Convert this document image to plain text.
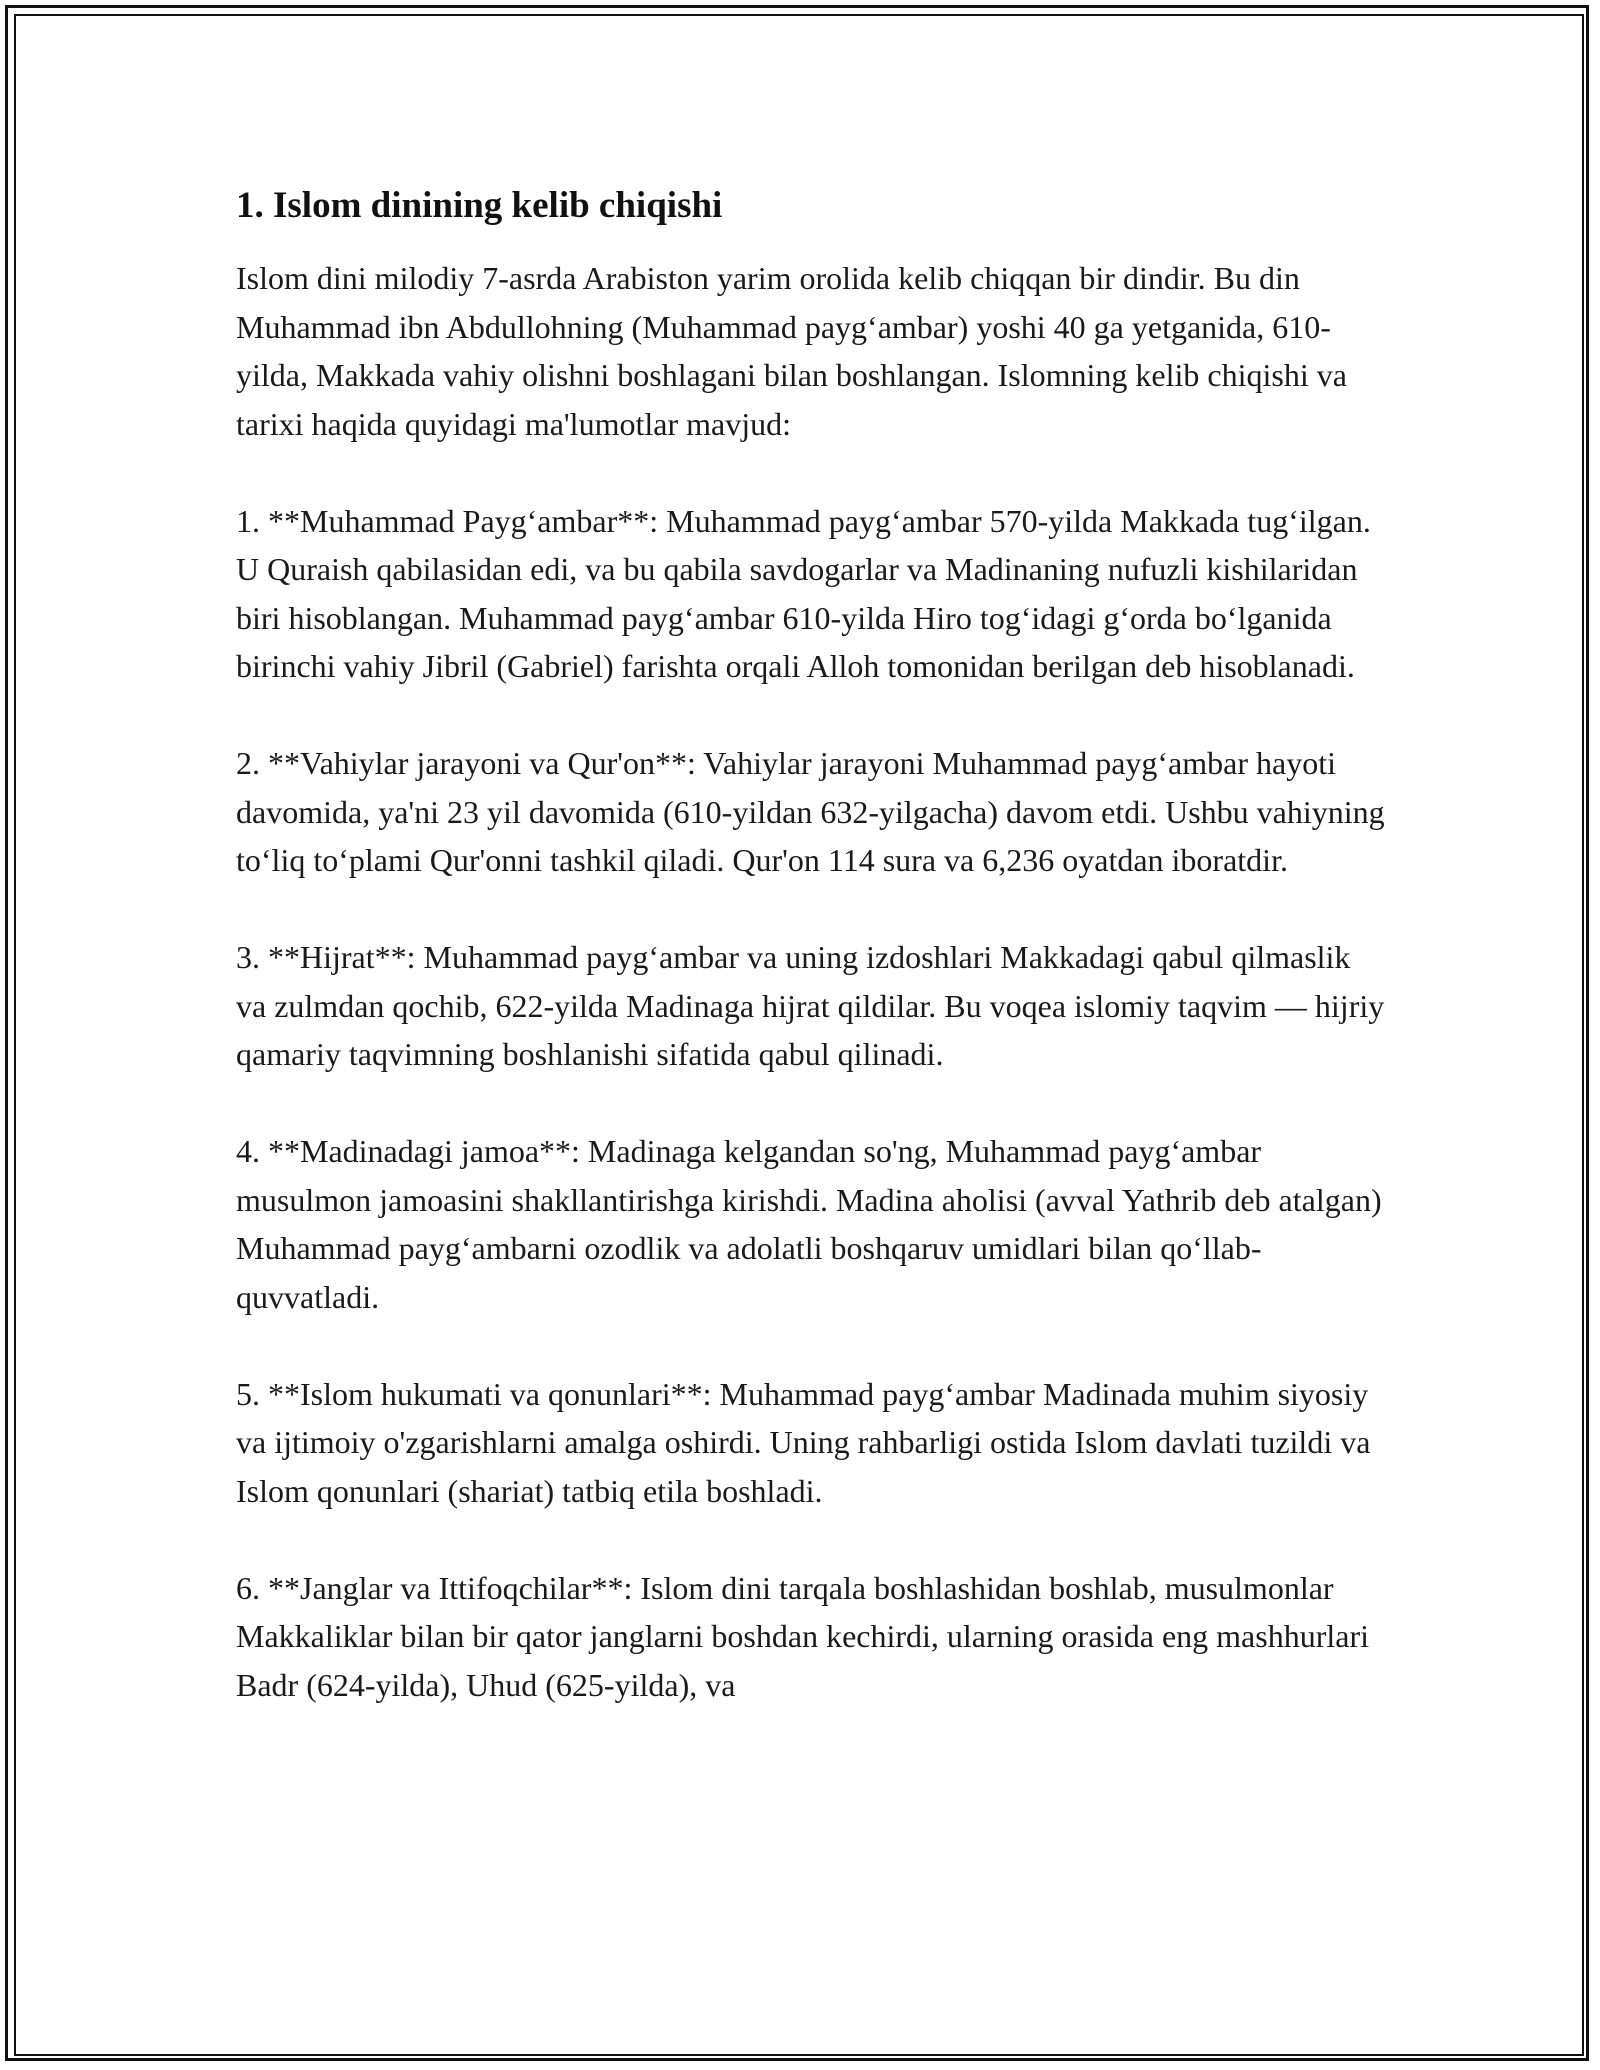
1. Islom dinining kelib chiqishi

Islom dini milodiy 7-asrda Arabiston yarim orolida kelib chiqqan bir dindir. Bu din Muhammad ibn Abdullohning (Muhammad payg‘ambar) yoshi 40 ga yetganida, 610-yilda, Makkada vahiy olishni boshlagani bilan boshlangan. Islomning kelib chiqishi va tarixi haqida quyidagi ma'lumotlar mavjud:

1. **Muhammad Payg‘ambar**: Muhammad payg‘ambar 570-yilda Makkada tug‘ilgan. U Quraish qabilasidan edi, va bu qabila savdogarlar va Madinaning nufuzli kishilaridan biri hisoblangan. Muhammad payg‘ambar 610-yilda Hiro tog‘idagi g‘orda bo‘lganida birinchi vahiy Jibril (Gabriel) farishta orqali Alloh tomonidan berilgan deb hisoblanadi.

2. **Vahiylar jarayoni va Qur'on**: Vahiylar jarayoni Muhammad payg‘ambar hayoti davomida, ya'ni 23 yil davomida (610-yildan 632-yilgacha) davom etdi. Ushbu vahiyning to‘liq to‘plami Qur'onni tashkil qiladi. Qur'on 114 sura va 6,236 oyatdan iboratdir.

3. **Hijrat**: Muhammad payg‘ambar va uning izdoshlari Makkadagi qabul qilmaslik va zulmdan qochib, 622-yilda Madinaga hijrat qildilar. Bu voqea islomiy taqvim — hijriy qamariy taqvimning boshlanishi sifatida qabul qilinadi.

4. **Madinadagi jamoa**: Madinaga kelgandan so'ng, Muhammad payg‘ambar musulmon jamoasini shakllantirishga kirishdi. Madina aholisi (avval Yathrib deb atalgan) Muhammad payg‘ambarni ozodlik va adolatli boshqaruv umidlari bilan qo‘llab-quvvatladi.

5. **Islom hukumati va qonunlari**: Muhammad payg‘ambar Madinada muhim siyosiy va ijtimoiy o'zgarishlarni amalga oshirdi. Uning rahbarligi ostida Islom davlati tuzildi va Islom qonunlari (shariat) tatbiq etila boshladi.

6. **Janglar va Ittifoqchilar**: Islom dini tarqala boshlashidan boshlab, musulmonlar Makkaliklar bilan bir qator janglarni boshdan kechirdi, ularning orasida eng mashhurlari Badr (624-yilda), Uhud (625-yilda), va
